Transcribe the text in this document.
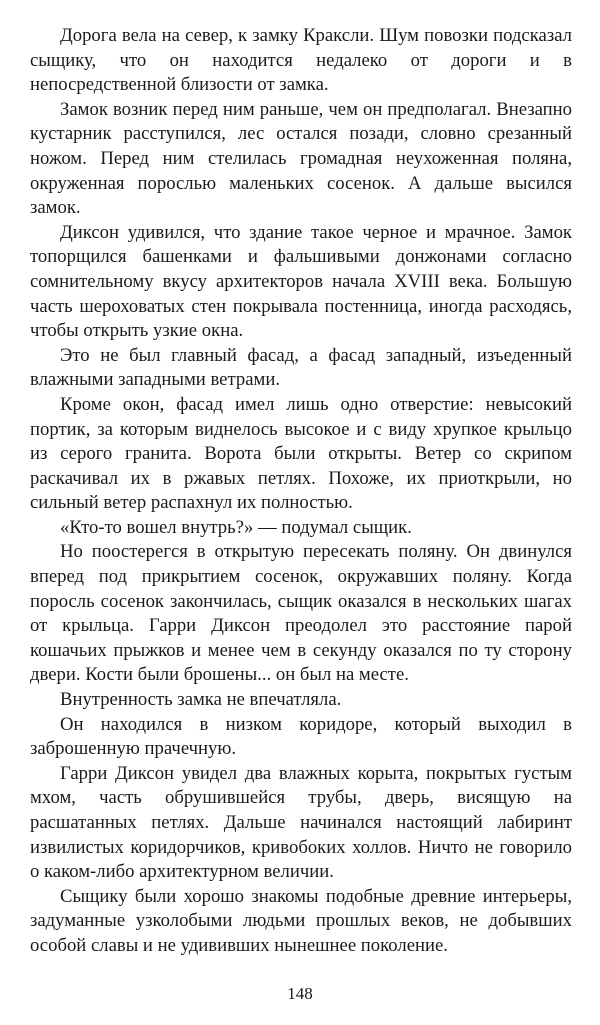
Дорога вела на север, к замку Краксли. Шум повозки подсказал сыщику, что он находится недалеко от дороги и в непосредственной близости от замка.

Замок возник перед ним раньше, чем он предполагал. Внезапно кустарник расступился, лес остался позади, словно срезанный ножом. Перед ним стелилась громадная неухоженная поляна, окруженная порослью маленьких сосенок. А дальше высился замок.

Диксон удивился, что здание такое черное и мрачное. Замок топорщился башенками и фальшивыми донжонами согласно сомнительному вкусу архитекторов начала XVIII века. Большую часть шероховатых стен покрывала постенница, иногда расходясь, чтобы открыть узкие окна.

Это не был главный фасад, а фасад западный, изъеденный влажными западными ветрами.

Кроме окон, фасад имел лишь одно отверстие: невысокий портик, за которым виднелось высокое и с виду хрупкое крыльцо из серого гранита. Ворота были открыты. Ветер со скрипом раскачивал их в ржавых петлях. Похоже, их приоткрыли, но сильный ветер распахнул их полностью.

«Кто-то вошел внутрь?» — подумал сыщик.

Но поостерегся в открытую пересекать поляну. Он двинулся вперед под прикрытием сосенок, окружавших поляну. Когда поросль сосенок закончилась, сыщик оказался в нескольких шагах от крыльца. Гарри Диксон преодолел это расстояние парой кошачьих прыжков и менее чем в секунду оказался по ту сторону двери. Кости были брошены... он был на месте.

Внутренность замка не впечатляла.

Он находился в низком коридоре, который выходил в заброшенную прачечную.

Гарри Диксон увидел два влажных корыта, покрытых густым мхом, часть обрушившейся трубы, дверь, висящую на расшатанных петлях. Дальше начинался настоящий лабиринт извилистых коридорчиков, кривобоких холлов. Ничто не говорило о каком-либо архитектурном величии.

Сыщику были хорошо знакомы подобные древние интерьеры, задуманные узколобыми людьми прошлых веков, не добывших особой славы и не удививших нынешнее поколение.

148
